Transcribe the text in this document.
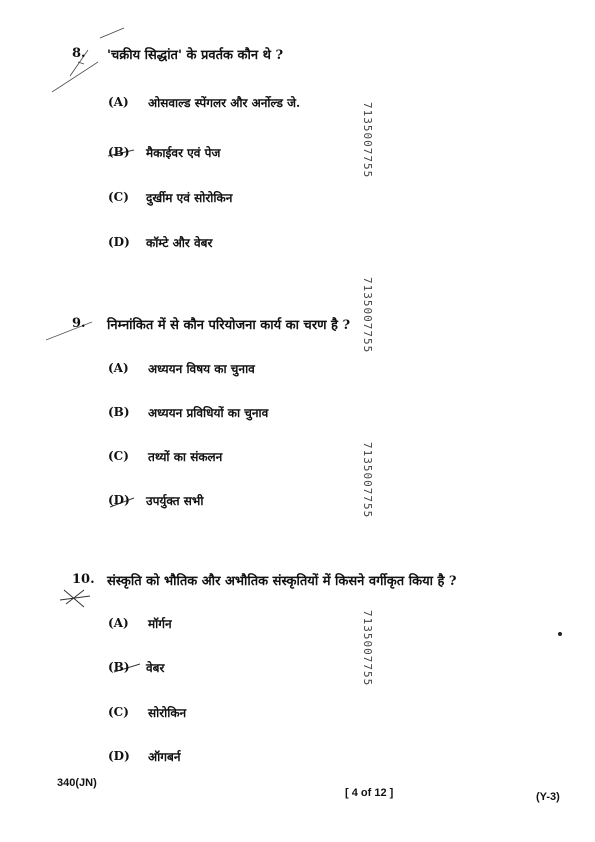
8. 'चक्रीय सिद्धांत' के प्रवर्तक कौन थे ?
(A) ओसवाल्ड स्पेंगलर और अर्नोल्ड जे.
(B) मैकाईवर एवं पेज
(C) दुर्खीम एवं सोरोकिन
(D) कॉम्टे और वेबर
9. निम्नांकित में से कौन परियोजना कार्य का चरण है ?
(A) अध्ययन विषय का चुनाव
(B) अध्ययन प्रविधियों का चुनाव
(C) तथ्यों का संकलन
(D) उपर्युक्त सभी
10. संस्कृति को भौतिक और अभौतिक संस्कृतियों में किसने वर्गीकृत किया है ?
(A) मॉर्गन
(B) वेबर
(C) सोरोकिन
(D) ऑगबर्न
7135007755
7135007755
7135007755
7135007755
340(JN)
[ 4 of 12 ]	(Y-3)
